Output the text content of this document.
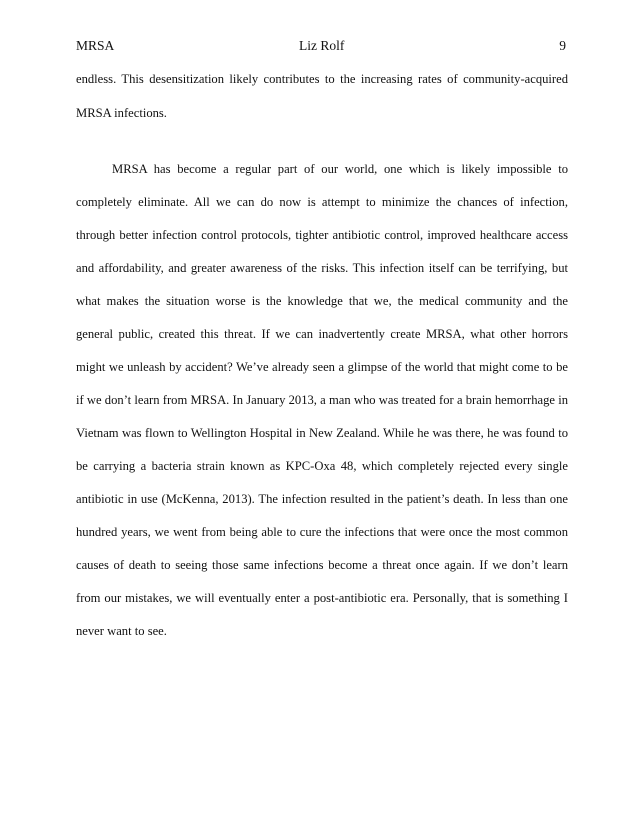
MRSA	Liz Rolf	9
endless. This desensitization likely contributes to the increasing rates of community-acquired
MRSA infections.
MRSA has become a regular part of our world, one which is likely impossible to
completely eliminate. All we can do now is attempt to minimize the chances of infection,
through better infection control protocols, tighter antibiotic control, improved healthcare access
and affordability, and greater awareness of the risks. This infection itself can be terrifying, but
what makes the situation worse is the knowledge that we, the medical community and the
general public, created this threat. If we can inadvertently create MRSA, what other horrors
might we unleash by accident? We’ve already seen a glimpse of the world that might come to be
if we don’t learn from MRSA. In January 2013, a man who was treated for a brain hemorrhage in
Vietnam was flown to Wellington Hospital in New Zealand. While he was there, he was found to
be carrying a bacteria strain known as KPC-Oxa 48, which completely rejected every single
antibiotic in use (McKenna, 2013). The infection resulted in the patient’s death. In less than one
hundred years, we went from being able to cure the infections that were once the most common
causes of death to seeing those same infections become a threat once again. If we don’t learn
from our mistakes, we will eventually enter a post-antibiotic era. Personally, that is something I
never want to see.
